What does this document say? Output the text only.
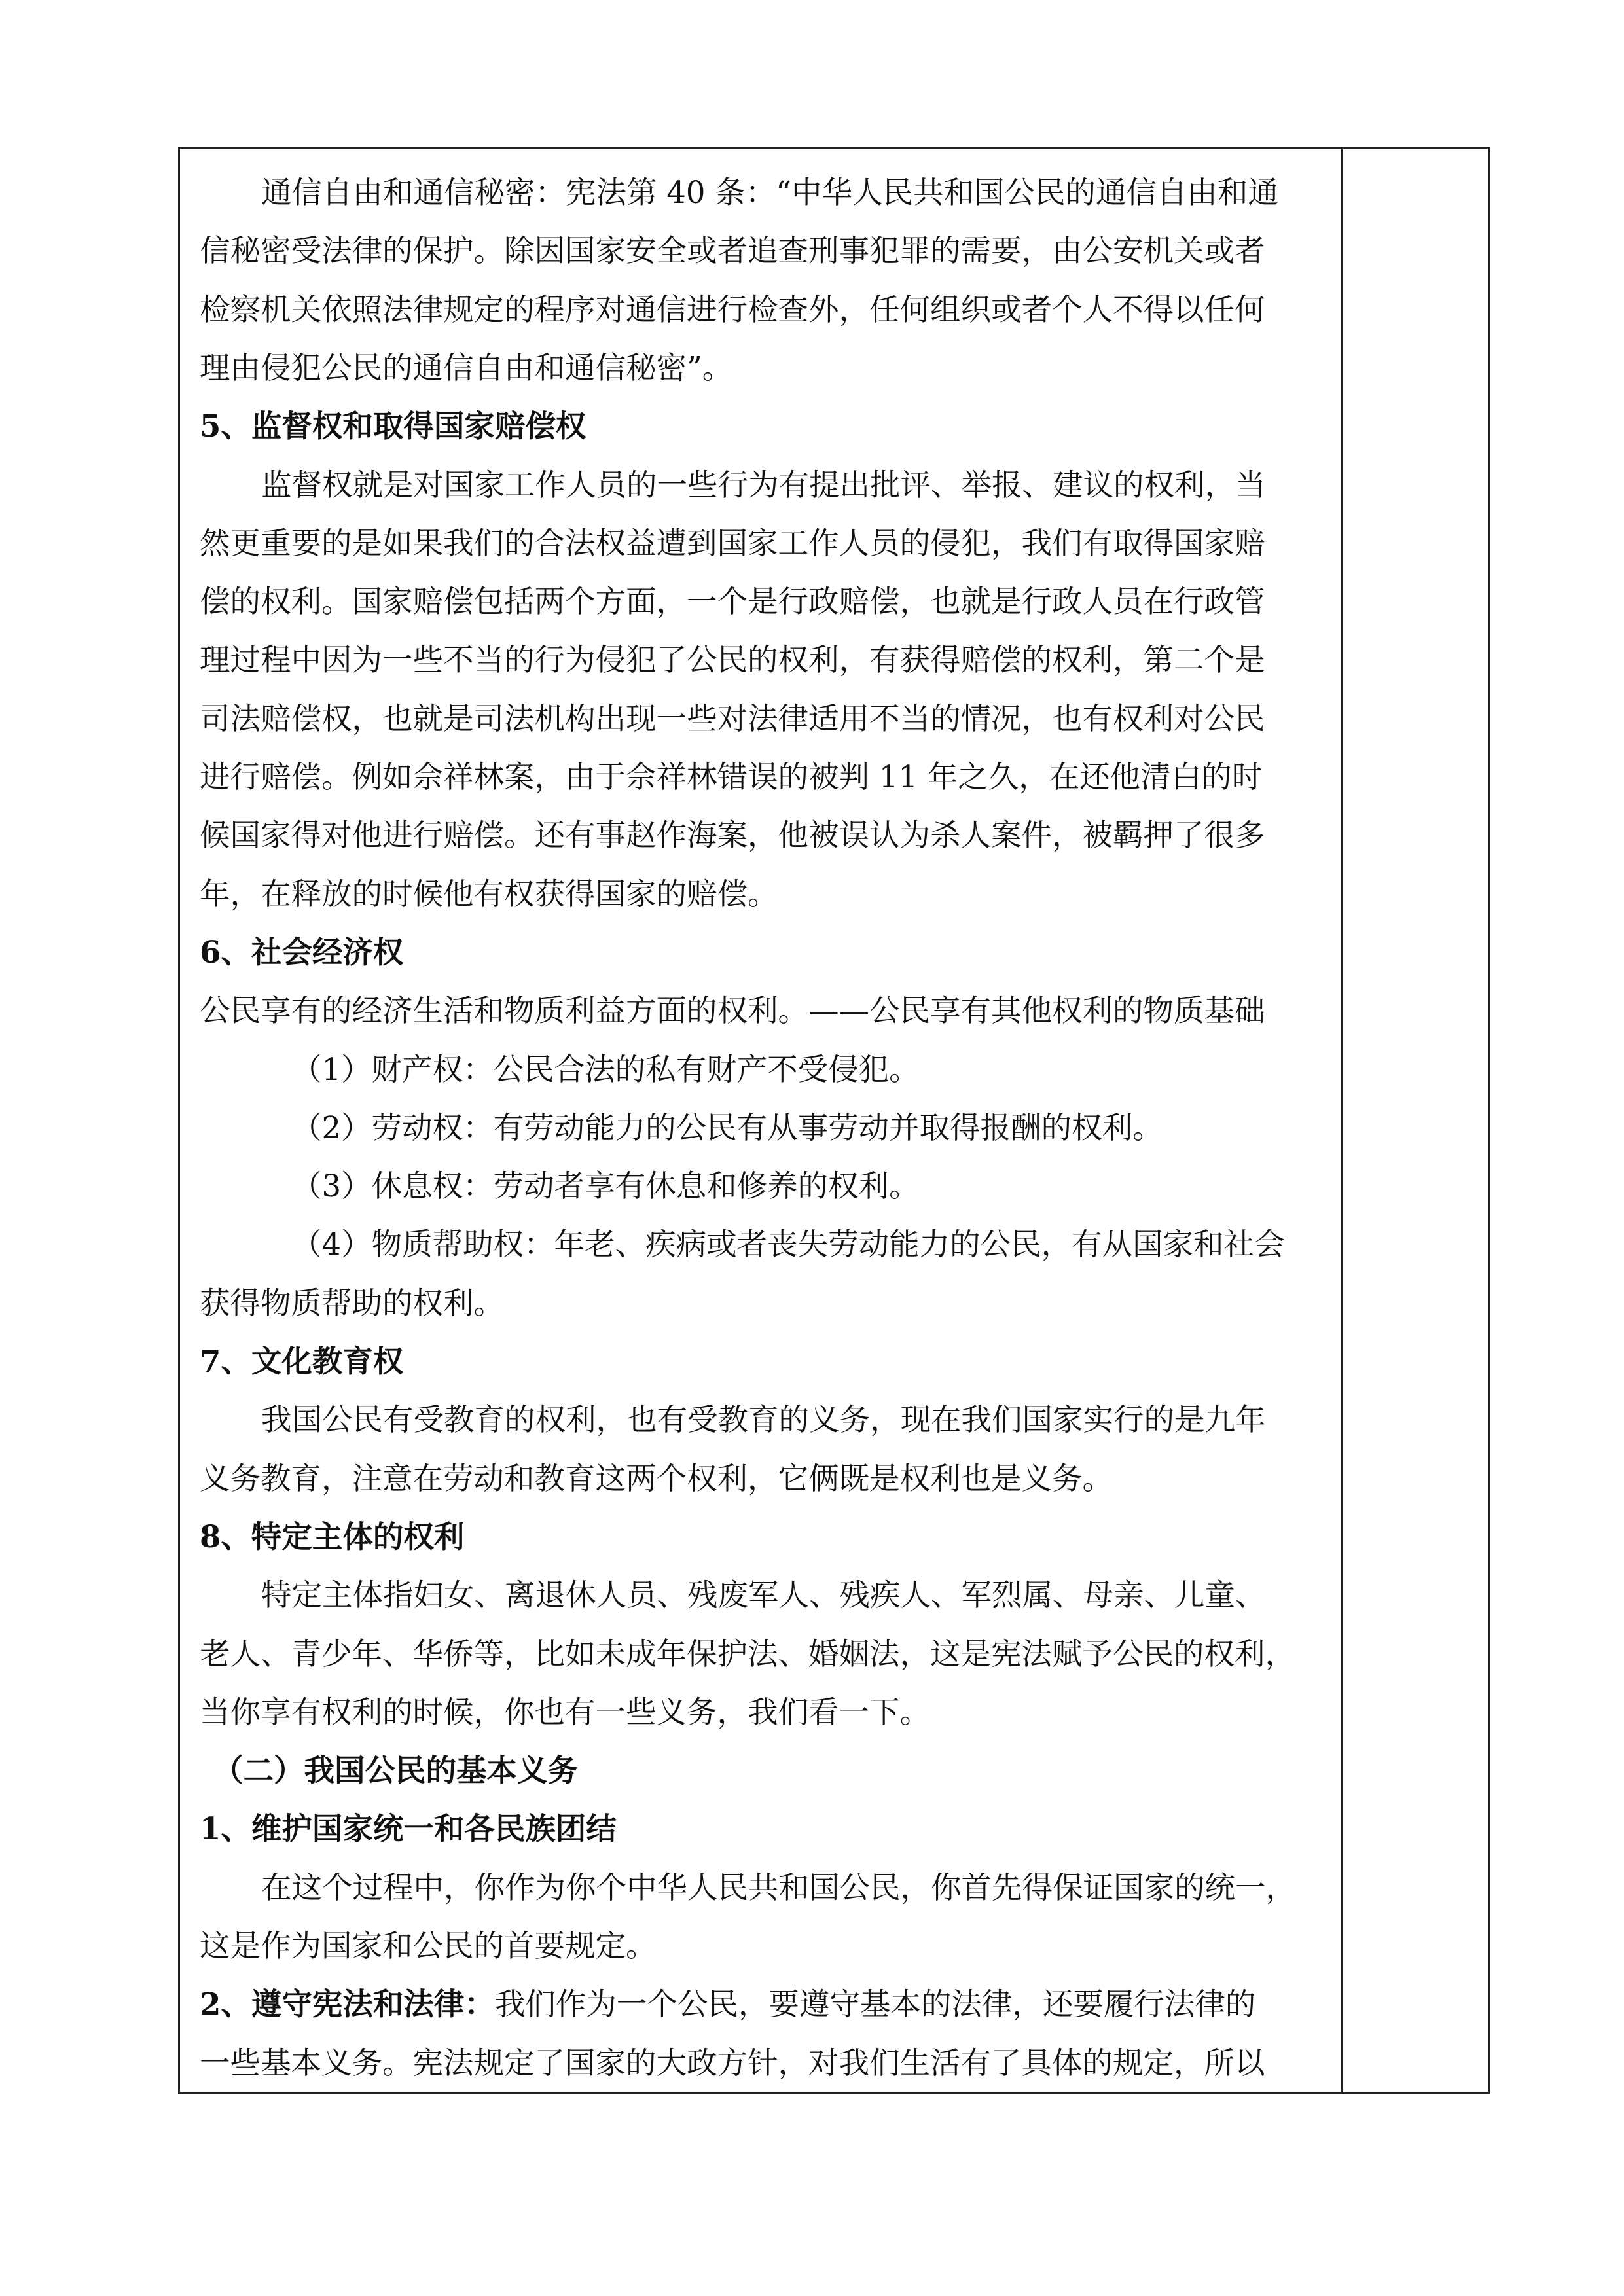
通信自由和通信秘密：宪法第 40 条：“中华人民共和国公民的通信自由和通
信秘密受法律的保护。除因国家安全或者追查刑事犯罪的需要，由公安机关或者
检察机关依照法律规定的程序对通信进行检查外，任何组织或者个人不得以任何
理由侵犯公民的通信自由和通信秘密”。
5、监督权和取得国家赔偿权
监督权就是对国家工作人员的一些行为有提出批评、举报、建议的权利，当
然更重要的是如果我们的合法权益遭到国家工作人员的侵犯，我们有取得国家赔
偿的权利。国家赔偿包括两个方面，一个是行政赔偿，也就是行政人员在行政管
理过程中因为一些不当的行为侵犯了公民的权利，有获得赔偿的权利，第二个是
司法赔偿权，也就是司法机构出现一些对法律适用不当的情况，也有权利对公民
进行赔偿。例如佘祥林案，由于佘祥林错误的被判 11 年之久，在还他清白的时
候国家得对他进行赔偿。还有事赵作海案，他被误认为杀人案件，被羁押了很多
年，在释放的时候他有权获得国家的赔偿。
6、社会经济权
公民享有的经济生活和物质利益方面的权利。——公民享有其他权利的物质基础
（1）财产权：公民合法的私有财产不受侵犯。
（2）劳动权：有劳动能力的公民有从事劳动并取得报酬的权利。
（3）休息权：劳动者享有休息和修养的权利。
（4）物质帮助权：年老、疾病或者丧失劳动能力的公民，有从国家和社会
获得物质帮助的权利。
7、文化教育权
我国公民有受教育的权利，也有受教育的义务，现在我们国家实行的是九年
义务教育，注意在劳动和教育这两个权利，它俩既是权利也是义务。
8、特定主体的权利
特定主体指妇女、离退休人员、残废军人、残疾人、军烈属、母亲、儿童、
老人、青少年、华侨等，比如未成年保护法、婚姻法，这是宪法赋予公民的权利，
当你享有权利的时候，你也有一些义务，我们看一下。
（二）我国公民的基本义务
1、维护国家统一和各民族团结
在这个过程中，你作为你个中华人民共和国公民，你首先得保证国家的统一，
这是作为国家和公民的首要规定。
2、遵守宪法和法律：我们作为一个公民，要遵守基本的法律，还要履行法律的
一些基本义务。宪法规定了国家的大政方针，对我们生活有了具体的规定，所以
